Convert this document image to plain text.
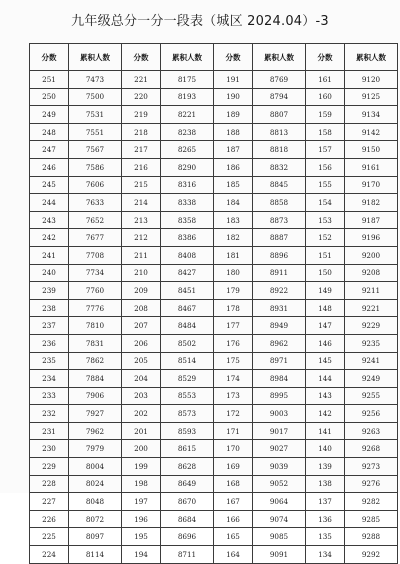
九年级总分一分一段表（城区 2024.04）-3
分数	累积人数	分数	累积人数	分数	累积人数	分数	累积人数
251	7473	221	8175	191	8769	161	9120
250	7500	220	8193	190	8794	160	9125
249	7531	219	8221	189	8807	159	9134
248	7551	218	8238	188	8813	158	9142
247	7567	217	8265	187	8818	157	9150
246	7586	216	8290	186	8832	156	9161
245	7606	215	8316	185	8845	155	9170
244	7633	214	8338	184	8858	154	9182
243	7652	213	8358	183	8873	153	9187
242	7677	212	8386	182	8887	152	9196
241	7708	211	8408	181	8896	151	9200
240	7734	210	8427	180	8911	150	9208
239	7760	209	8451	179	8922	149	9211
238	7776	208	8467	178	8931	148	9221
237	7810	207	8484	177	8949	147	9229
236	7831	206	8502	176	8962	146	9235
235	7862	205	8514	175	8971	145	9241
234	7884	204	8529	174	8984	144	9249
233	7906	203	8553	173	8995	143	9255
232	7927	202	8573	172	9003	142	9256
231	7962	201	8593	171	9017	141	9263
230	7979	200	8615	170	9027	140	9268
229	8004	199	8628	169	9039	139	9273
228	8024	198	8649	168	9052	138	9276
227	8048	197	8670	167	9064	137	9282
226	8072	196	8684	166	9074	136	9285
225	8097	195	8696	165	9085	135	9288
224	8114	194	8711	164	9091	134	9292
